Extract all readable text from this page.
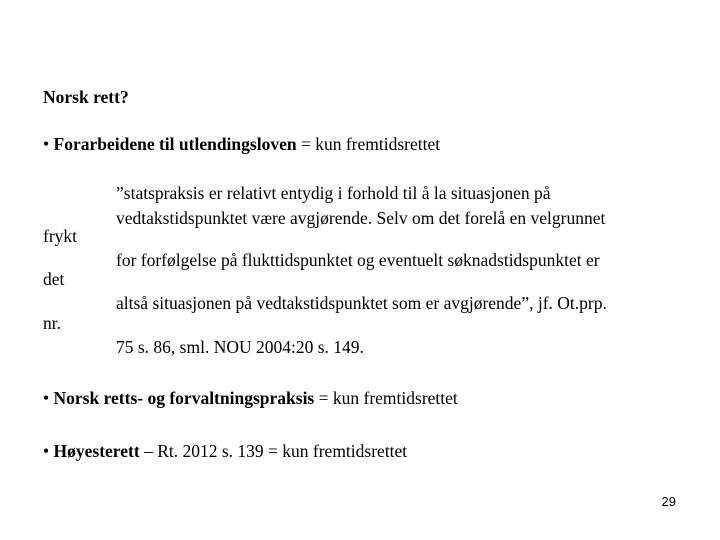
Norsk rett?
• Forarbeidene til utlendingsloven = kun fremtidsrettet
”statspraksis er relativt entydig i forhold til å la situasjonen på
vedtakstidspunktet være avgjørende. Selv om det forelå en velgrunnet
frykt
for forfølgelse på flukttidspunktet og eventuelt søknadstidspunktet er
det
altså situasjonen på vedtakstidspunktet som er avgjørende”, jf. Ot.prp.
nr.
75 s. 86, sml. NOU 2004:20 s. 149.
• Norsk retts- og forvaltningspraksis = kun fremtidsrettet
• Høyesterett – Rt. 2012 s. 139 = kun fremtidsrettet
29
